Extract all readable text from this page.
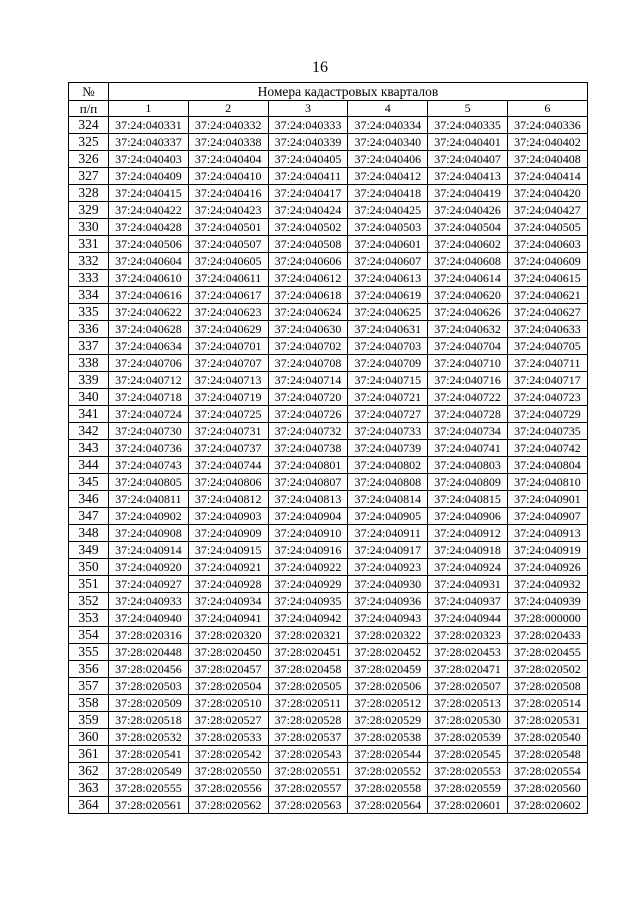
16
№	Номера кадастровых кварталов					
п/п	1	2	3	4	5	6
324	37:24:040331	37:24:040332	37:24:040333	37:24:040334	37:24:040335	37:24:040336
325	37:24:040337	37:24:040338	37:24:040339	37:24:040340	37:24:040401	37:24:040402
326	37:24:040403	37:24:040404	37:24:040405	37:24:040406	37:24:040407	37:24:040408
327	37:24:040409	37:24:040410	37:24:040411	37:24:040412	37:24:040413	37:24:040414
328	37:24:040415	37:24:040416	37:24:040417	37:24:040418	37:24:040419	37:24:040420
329	37:24:040422	37:24:040423	37:24:040424	37:24:040425	37:24:040426	37:24:040427
330	37:24:040428	37:24:040501	37:24:040502	37:24:040503	37:24:040504	37:24:040505
331	37:24:040506	37:24:040507	37:24:040508	37:24:040601	37:24:040602	37:24:040603
332	37:24:040604	37:24:040605	37:24:040606	37:24:040607	37:24:040608	37:24:040609
333	37:24:040610	37:24:040611	37:24:040612	37:24:040613	37:24:040614	37:24:040615
334	37:24:040616	37:24:040617	37:24:040618	37:24:040619	37:24:040620	37:24:040621
335	37:24:040622	37:24:040623	37:24:040624	37:24:040625	37:24:040626	37:24:040627
336	37:24:040628	37:24:040629	37:24:040630	37:24:040631	37:24:040632	37:24:040633
337	37:24:040634	37:24:040701	37:24:040702	37:24:040703	37:24:040704	37:24:040705
338	37:24:040706	37:24:040707	37:24:040708	37:24:040709	37:24:040710	37:24:040711
339	37:24:040712	37:24:040713	37:24:040714	37:24:040715	37:24:040716	37:24:040717
340	37:24:040718	37:24:040719	37:24:040720	37:24:040721	37:24:040722	37:24:040723
341	37:24:040724	37:24:040725	37:24:040726	37:24:040727	37:24:040728	37:24:040729
342	37:24:040730	37:24:040731	37:24:040732	37:24:040733	37:24:040734	37:24:040735
343	37:24:040736	37:24:040737	37:24:040738	37:24:040739	37:24:040741	37:24:040742
344	37:24:040743	37:24:040744	37:24:040801	37:24:040802	37:24:040803	37:24:040804
345	37:24:040805	37:24:040806	37:24:040807	37:24:040808	37:24:040809	37:24:040810
346	37:24:040811	37:24:040812	37:24:040813	37:24:040814	37:24:040815	37:24:040901
347	37:24:040902	37:24:040903	37:24:040904	37:24:040905	37:24:040906	37:24:040907
348	37:24:040908	37:24:040909	37:24:040910	37:24:040911	37:24:040912	37:24:040913
349	37:24:040914	37:24:040915	37:24:040916	37:24:040917	37:24:040918	37:24:040919
350	37:24:040920	37:24:040921	37:24:040922	37:24:040923	37:24:040924	37:24:040926
351	37:24:040927	37:24:040928	37:24:040929	37:24:040930	37:24:040931	37:24:040932
352	37:24:040933	37:24:040934	37:24:040935	37:24:040936	37:24:040937	37:24:040939
353	37:24:040940	37:24:040941	37:24:040942	37:24:040943	37:24:040944	37:28:000000
354	37:28:020316	37:28:020320	37:28:020321	37:28:020322	37:28:020323	37:28:020433
355	37:28:020448	37:28:020450	37:28:020451	37:28:020452	37:28:020453	37:28:020455
356	37:28:020456	37:28:020457	37:28:020458	37:28:020459	37:28:020471	37:28:020502
357	37:28:020503	37:28:020504	37:28:020505	37:28:020506	37:28:020507	37:28:020508
358	37:28:020509	37:28:020510	37:28:020511	37:28:020512	37:28:020513	37:28:020514
359	37:28:020518	37:28:020527	37:28:020528	37:28:020529	37:28:020530	37:28:020531
360	37:28:020532	37:28:020533	37:28:020537	37:28:020538	37:28:020539	37:28:020540
361	37:28:020541	37:28:020542	37:28:020543	37:28:020544	37:28:020545	37:28:020548
362	37:28:020549	37:28:020550	37:28:020551	37:28:020552	37:28:020553	37:28:020554
363	37:28:020555	37:28:020556	37:28:020557	37:28:020558	37:28:020559	37:28:020560
364	37:28:020561	37:28:020562	37:28:020563	37:28:020564	37:28:020601	37:28:020602
